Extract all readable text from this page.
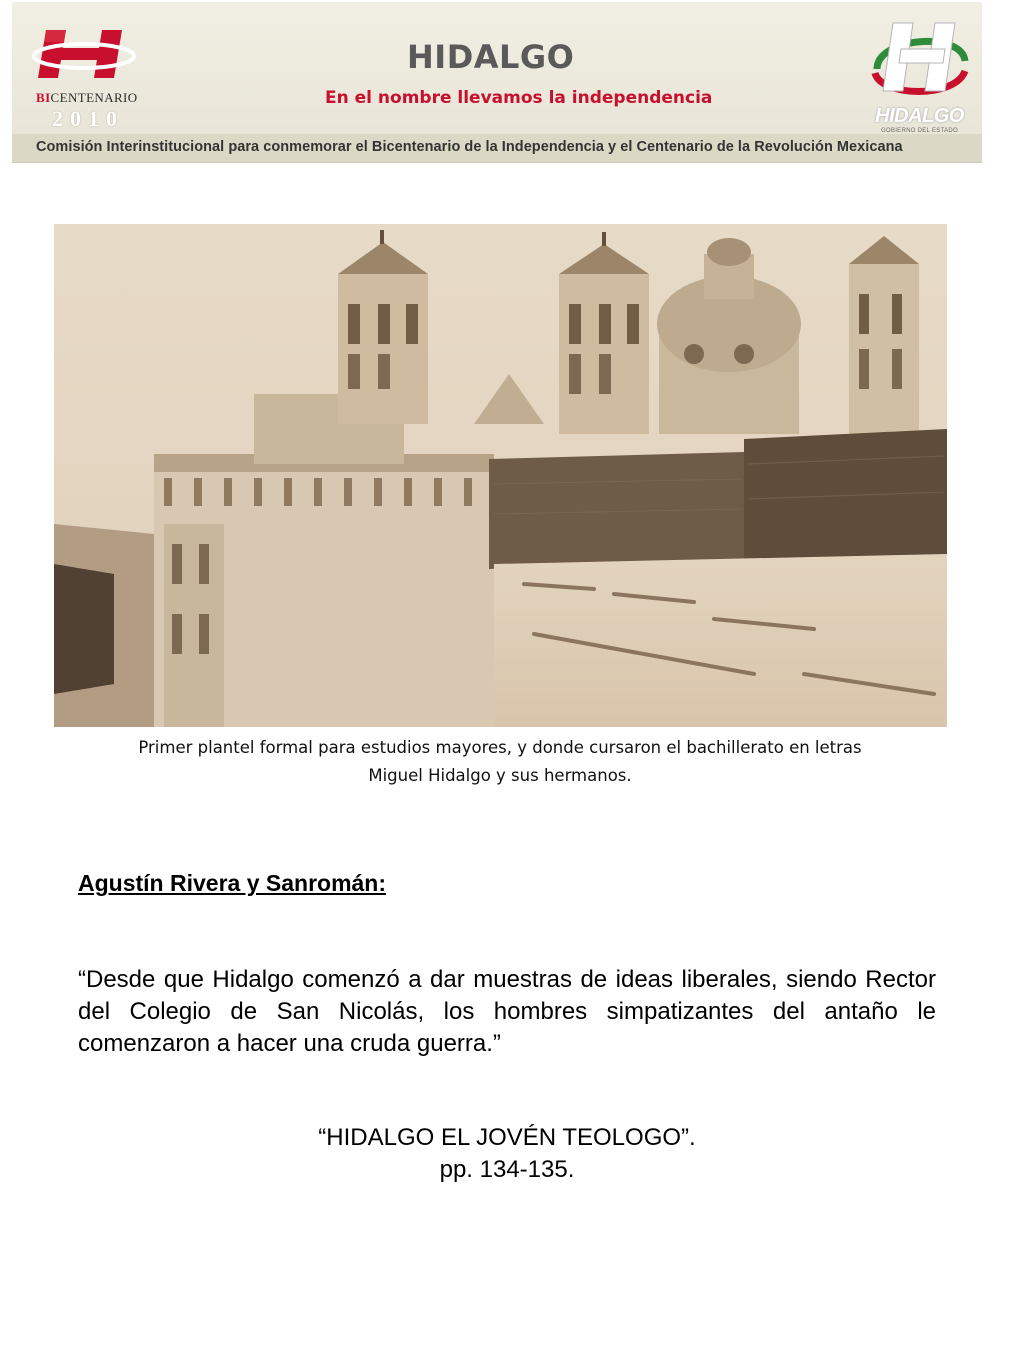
BICENTENARIO
2010
HIDALGO
En el nombre llevamos la independencia
HIDALGO
GOBIERNO DEL ESTADO
Comisión Interinstitucional para conmemorar el Bicentenario de la Independencia y el Centenario de la Revolución Mexicana
Primer plantel formal para estudios mayores, y donde cursaron el bachillerato en letras
Miguel Hidalgo y sus hermanos.
Agustín Rivera y Sanromán:
“Desde que Hidalgo comenzó a dar muestras de ideas liberales, siendo Rector del Colegio de San Nicolás, los hombres simpatizantes del antaño le comenzaron a hacer una cruda guerra.”
“HIDALGO EL JOVÉN TEOLOGO”.
pp. 134-135.
